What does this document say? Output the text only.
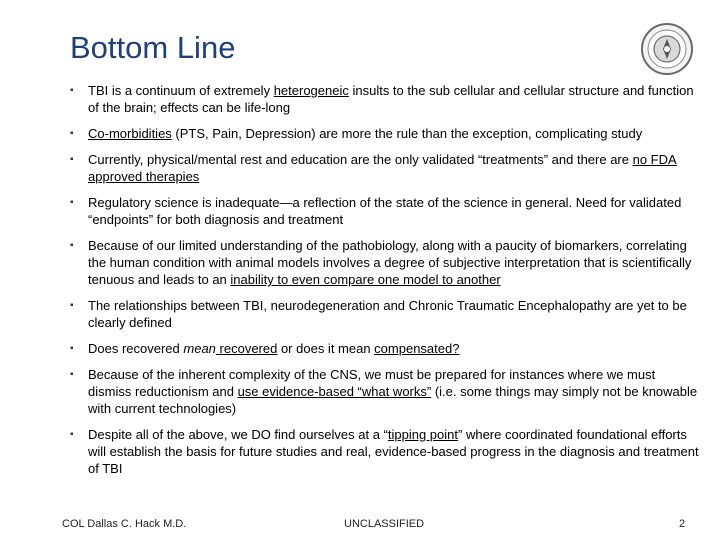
Bottom Line
▪ TBI is a continuum of extremely heterogeneic insults to the sub cellular and cellular structure and function of the brain; effects can be life-long
▪ Co-morbidities (PTS, Pain, Depression) are more the rule than the exception, complicating study
▪ Currently, physical/mental rest and education are the only validated “treatments” and there are no FDA approved therapies
▪ Regulatory science is inadequate—a reflection of the state of the science in general. Need for validated “endpoints” for both diagnosis and treatment
▪ Because of our limited understanding of the pathobiology, along with a paucity of biomarkers, correlating the human condition with animal models involves a degree of subjective interpretation that is scientifically tenuous and leads to an inability to even compare one model to another
▪ The relationships between TBI, neurodegeneration and Chronic Traumatic Encephalopathy are yet to be clearly defined
▪ Does recovered mean recovered or does it mean compensated?
▪ Because of the inherent complexity of the CNS, we must be prepared for instances where we must dismiss reductionism and use evidence-based “what works” (i.e. some things may simply not be knowable with current technologies)
▪ Despite all of the above, we DO find ourselves at a “tipping point” where coordinated foundational efforts will establish the basis for future studies and real, evidence-based progress in the diagnosis and treatment of TBI
COL Dallas C. Hack M.D.	UNCLASSIFIED	2
